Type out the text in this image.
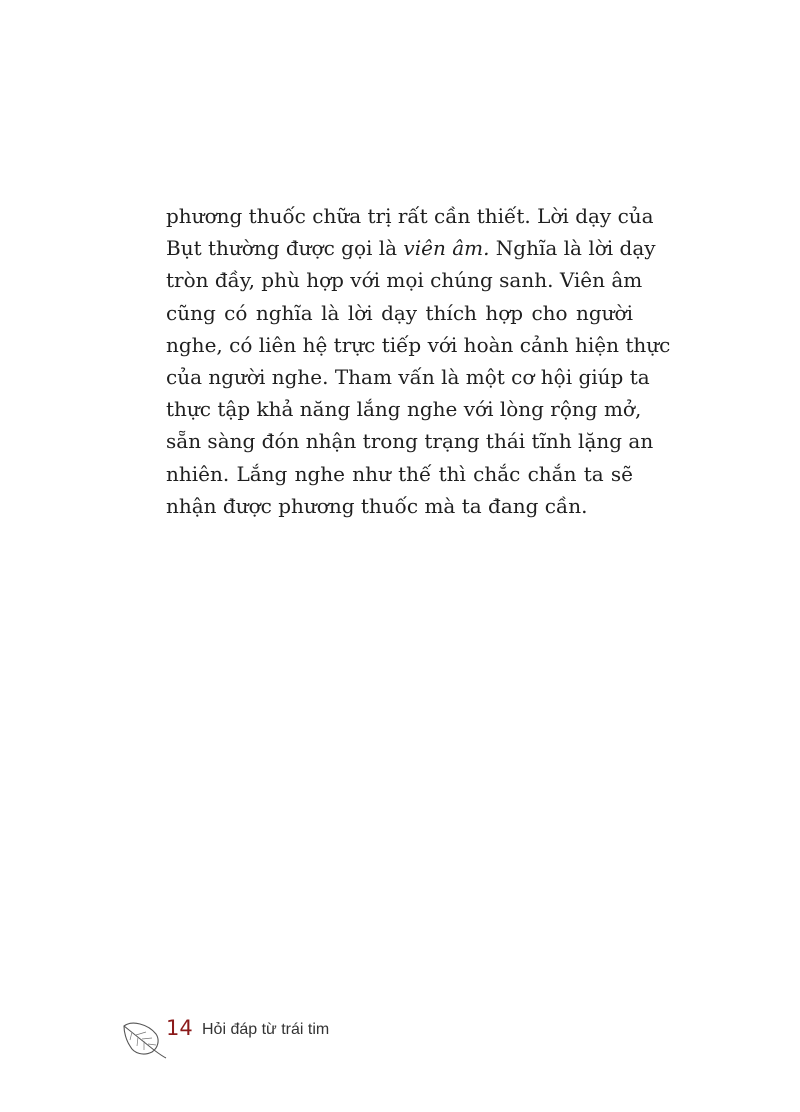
phương thuốc chữa trị rất cần thiết. Lời dạy của
Bụt thường được gọi là viên âm. Nghĩa là lời dạy
tròn đầy, phù hợp với mọi chúng sanh. Viên âm
cũng có nghĩa là lời dạy thích hợp cho người
nghe, có liên hệ trực tiếp với hoàn cảnh hiện thực
của người nghe. Tham vấn là một cơ hội giúp ta
thực tập khả năng lắng nghe với lòng rộng mở,
sẵn sàng đón nhận trong trạng thái tĩnh lặng an
nhiên. Lắng nghe như thế thì chắc chắn ta sẽ
nhận được phương thuốc mà ta đang cần.
14 Hỏi đáp từ trái tim
